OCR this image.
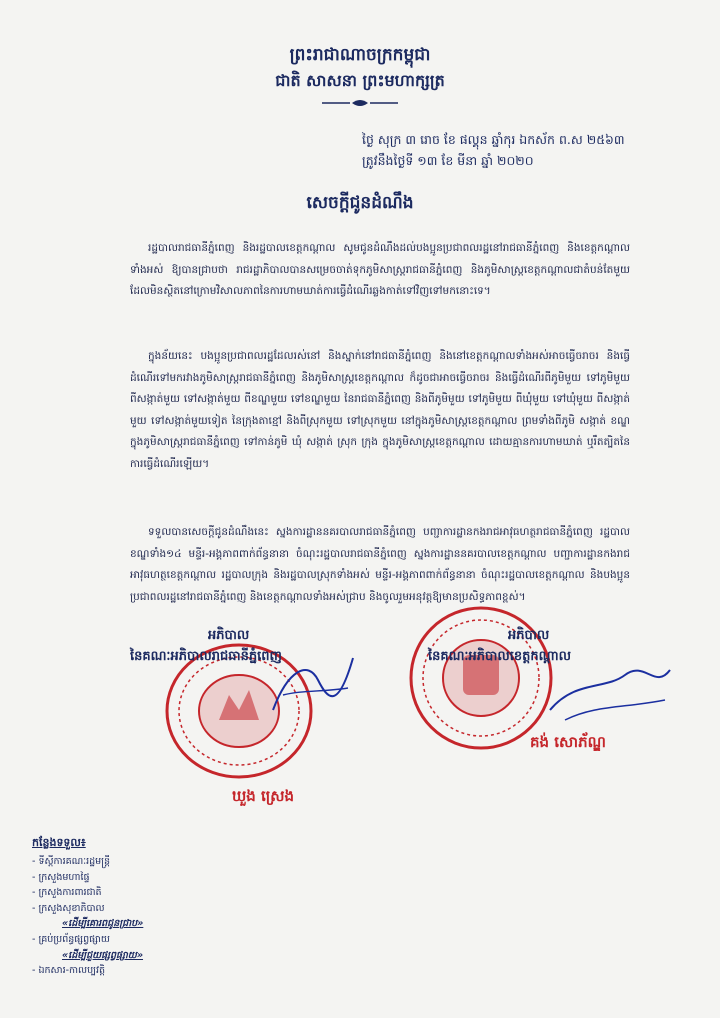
ព្រះរាជាណាចក្រកម្ពុជា
ជាតិ សាសនា ព្រះមហាក្សត្រ
ថ្ងៃ សុក្រ ៣ រោច ខែ ផល្គុន ឆ្នាំកុរ ឯកស័ក ព.ស ២៥៦៣
ត្រូវនឹងថ្ងៃទី ១៣ ខែ មីនា ឆ្នាំ ២០២០
សេចក្ដីជូនដំណឹង

រដ្ឋបាលរាជធានីភ្នំពេញ និងរដ្ឋបាលខេត្តកណ្ដាល សូមជូនដំណឹងដល់បងប្អូនប្រជាពលរដ្ឋនៅរាជធានីភ្នំពេញ និងខេត្តកណ្ដាលទាំងអស់ ឱ្យបានជ្រាបថា រាជរដ្ឋាភិបាលបានសម្រេចចាត់ទុកភូមិសាស្ត្ររាជធានីភ្នំពេញ និងភូមិសាស្ត្រខេត្តកណ្ដាលជាតំបន់តែមួយ ដែលមិនស្ថិតនៅក្រោមវិសាលភាពនៃការហាមឃាត់ការធ្វើដំណើរឆ្លងកាត់ទៅវិញទៅមកនោះទេ។

ក្នុងន័យនេះ បងប្អូនប្រជាពលរដ្ឋដែលរស់នៅ និងស្នាក់នៅរាជធានីភ្នំពេញ និងនៅខេត្តកណ្ដាលទាំងអស់អាចធ្វើចរាចរ និងធ្វើដំណើរទៅមករវាងភូមិសាស្ត្ររាជធានីភ្នំពេញ និងភូមិសាស្ត្រខេត្តកណ្ដាល ក៏ដូចជាអាចធ្វើចរាចរ និងធ្វើដំណើរពីភូមិមួយ ទៅភូមិមួយ ពីសង្កាត់មួយ ទៅសង្កាត់មួយ ពីខណ្ឌមួយ ទៅខណ្ឌមួយ នៃរាជធានីភ្នំពេញ និងពីភូមិមួយ ទៅភូមិមួយ ពីឃុំមួយ ទៅឃុំមួយ ពីសង្កាត់មួយ ទៅសង្កាត់មួយទៀត នៃក្រុងតាខ្មៅ និងពីស្រុកមួយ ទៅស្រុកមួយ នៅក្នុងភូមិសាស្ត្រខេត្តកណ្ដាល ព្រមទាំងពីភូមិ សង្កាត់ ខណ្ឌ ក្នុងភូមិសាស្ត្ររាជធានីភ្នំពេញ ទៅកាន់ភូមិ ឃុំ សង្កាត់ ស្រុក ក្រុង ក្នុងភូមិសាស្ត្រខេត្តកណ្ដាល ដោយគ្មានការហាមឃាត់ ឬរឹតត្បិតនៃការធ្វើដំណើរឡើយ។

ទទួលបានសេចក្ដីជូនដំណឹងនេះ ស្នងការដ្ឋាននគរបាលរាជធានីភ្នំពេញ បញ្ជាការដ្ឋានកងរាជអាវុធហត្ថរាជធានីភ្នំពេញ រដ្ឋបាលខណ្ឌទាំង១៤ មន្ទីរ-អង្គភាពពាក់ព័ន្ធនានា ចំណុះរដ្ឋបាលរាជធានីភ្នំពេញ ស្នងការដ្ឋាននគរបាលខេត្តកណ្ដាល បញ្ជាការដ្ឋានកងរាជអាវុធហត្ថខេត្តកណ្ដាល រដ្ឋបាលក្រុង និងរដ្ឋបាលស្រុកទាំងអស់ មន្ទីរ-អង្គភាពពាក់ព័ន្ធនានា ចំណុះរដ្ឋបាលខេត្តកណ្ដាល និងបងប្អូនប្រជាពលរដ្ឋនៅរាជធានីភ្នំពេញ និងខេត្តកណ្ដាលទាំងអស់ជ្រាប និងចូលរួមអនុវត្តឱ្យមានប្រសិទ្ធភាពខ្ពស់។

អភិបាល
នៃគណៈអភិបាលរាជធានីភ្នំពេញ
ឃួង ស្រេង
អភិបាល
នៃគណៈអភិបាលខេត្តកណ្ដាល
គង់ សោភ័ណ្ឌ
កន្លែងទទួល៖
- ទីស្ដីការគណៈរដ្ឋមន្ត្រី
- ក្រសួងមហាផ្ទៃ
- ក្រសួងការពារជាតិ
- ក្រសួងសុខាភិបាល
«ដើម្បីគោរពជូនជ្រាប»
- គ្រប់ប្រព័ន្ធផ្សព្វផ្សាយ
«ដើម្បីជួយផ្សព្វផ្សាយ»
- ឯកសារ-កាលប្បវត្តិ
